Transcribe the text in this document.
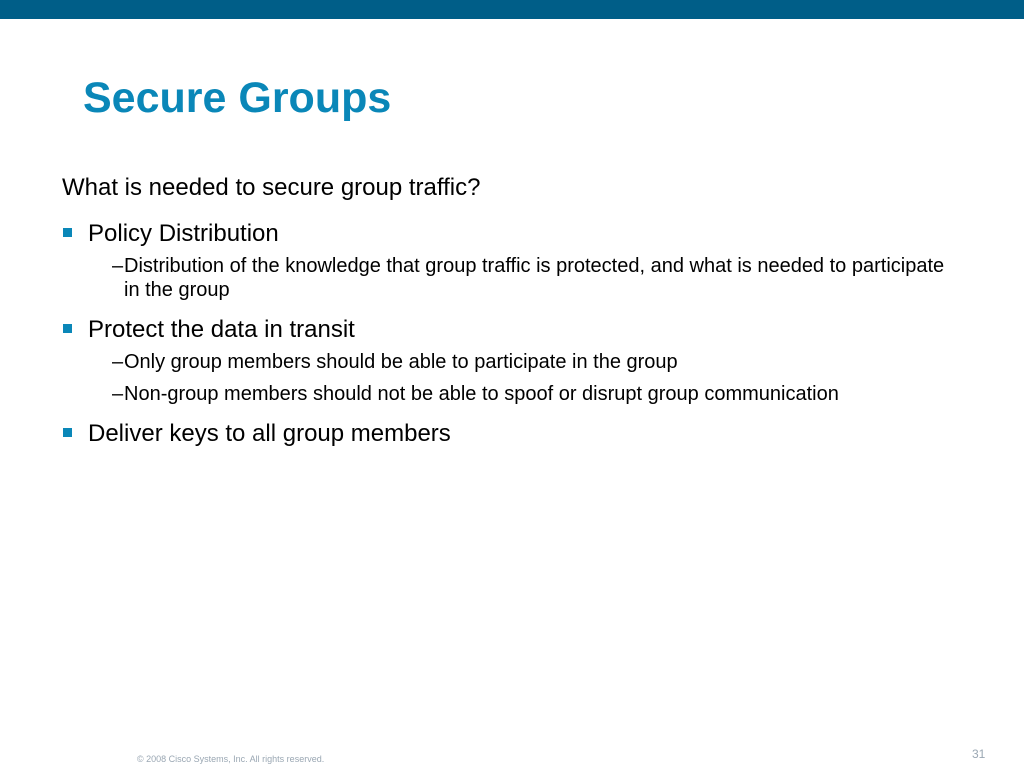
Secure Groups
What is needed to secure group traffic?
Policy Distribution
– Distribution of the knowledge that group traffic is protected, and what is needed to participate in the group
Protect the data in transit
– Only group members should be able to participate in the group
– Non-group members should not be able to spoof or disrupt group communication
Deliver keys to all group members
© 2008 Cisco Systems, Inc. All rights reserved.	31
